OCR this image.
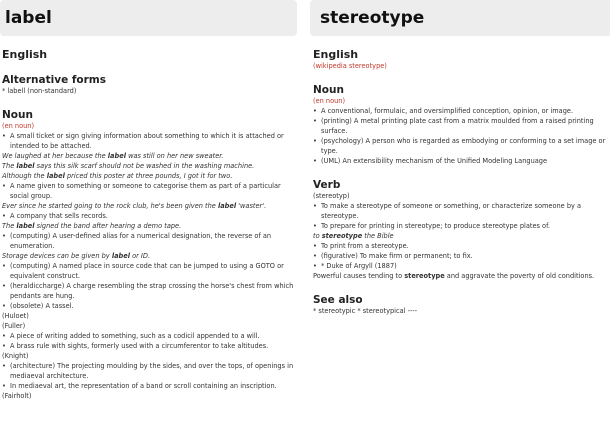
label
English
Alternative forms
* labell (non-standard)
Noun
(en noun)
• A small ticket or sign giving information about something to which it is attached or intended to be attached.
We laughed at her because the label was still on her new sweater.
The label says this silk scarf should not be washed in the washing machine.
Although the label priced this poster at three pounds, I got it for two.
• A name given to something or someone to categorise them as part of a particular social group.
Ever since he started going to the rock club, he's been given the label 'waster'.
• A company that sells records.
The label signed the band after hearing a demo tape.
• (computing) A user-defined alias for a numerical designation, the reverse of an enumeration.
Storage devices can be given by label or ID.
• (computing) A named place in source code that can be jumped to using a GOTO or equivalent construct.
• (heraldiccharge) A charge resembling the strap crossing the horse's chest from which pendants are hung.
• (obsolete) A tassel.
(Huloet)
(Fuller)
• A piece of writing added to something, such as a codicil appended to a will.
• A brass rule with sights, formerly used with a circumferentor to take altitudes.
(Knight)
• (architecture) The projecting moulding by the sides, and over the tops, of openings in mediaeval architecture.
• In mediaeval art, the representation of a band or scroll containing an inscription.
(Fairholt)
stereotype
English
(wikipedia stereotype)
Noun
(en noun)
• A conventional, formulaic, and oversimplified conception, opinion, or image.
• (printing) A metal printing plate cast from a matrix moulded from a raised printing surface.
• (psychology) A person who is regarded as embodying or conforming to a set image or type.
• (UML) An extensibility mechanism of the Unified Modeling Language
Verb
(stereotyp)
• To make a stereotype of someone or something, or characterize someone by a stereotype.
• To prepare for printing in stereotype; to produce stereotype plates of.
to stereotype the Bible
• To print from a stereotype.
• (figurative) To make firm or permanent; to fix.
• * Duke of Argyll (1887)
Powerful causes tending to stereotype and aggravate the poverty of old conditions.
See also
* stereotypic * stereotypical ----
